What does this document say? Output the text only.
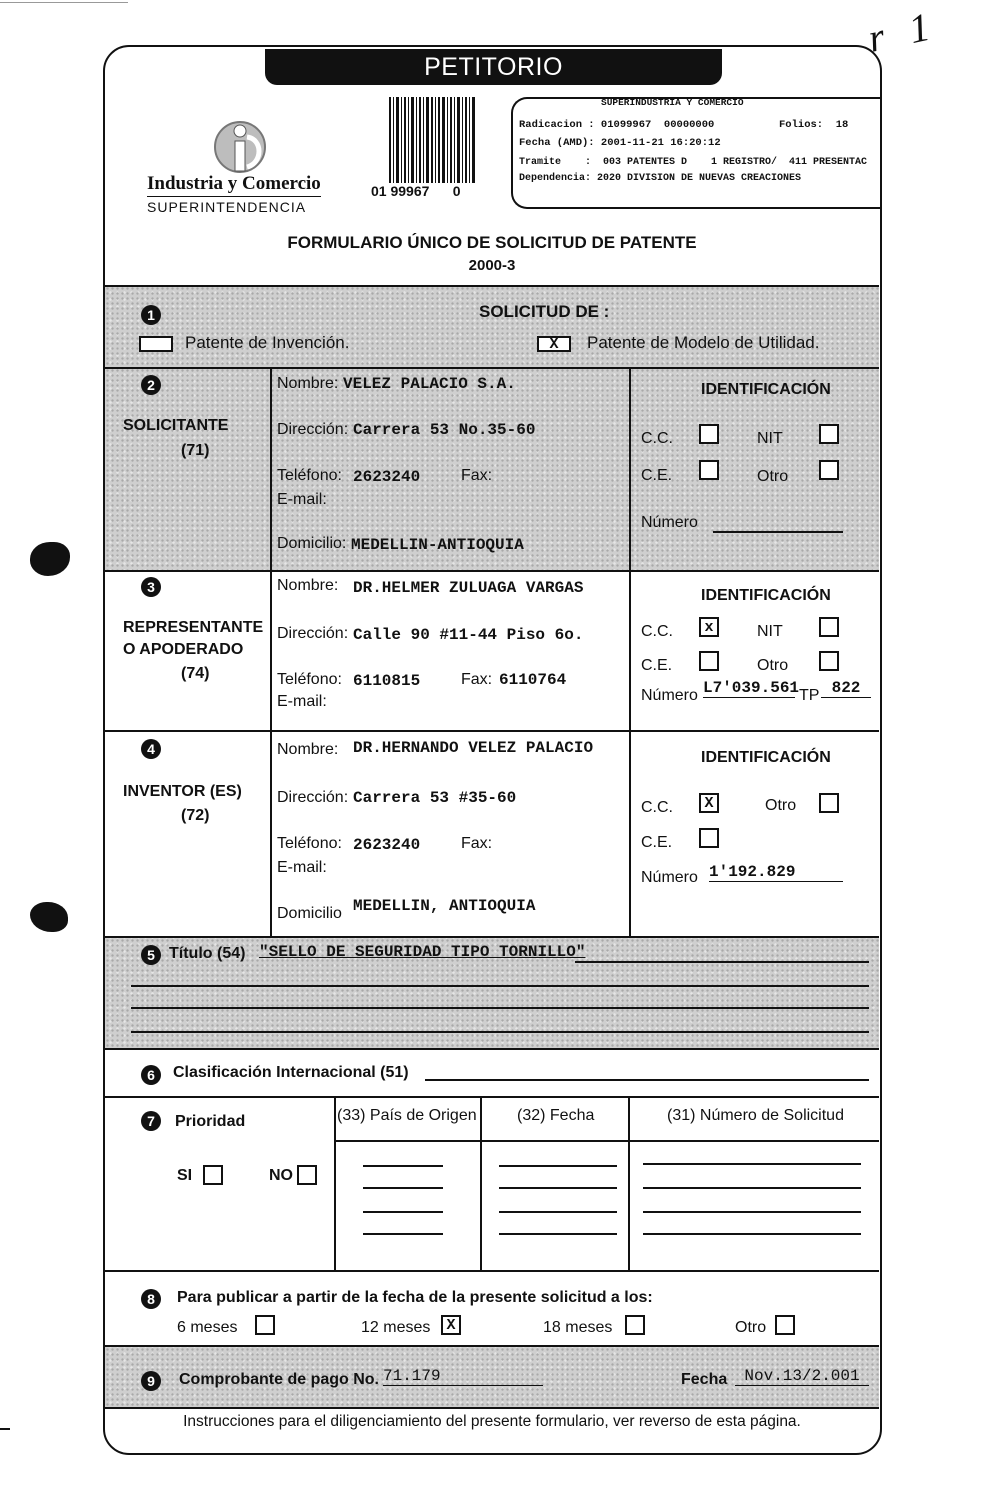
r 1
PETITORIO
Industria y Comercio
SUPERINTENDENCIA
01 99967      0
SUPERINDUSTRIA Y COMERCIO
Radicacion : 01099967  00000000	Folios:  18
Fecha (AMD): 2001-11-21 16:20:12
Tramite    :  003 PATENTES D    1 REGISTRO/  411 PRESENTAC
Dependencia: 2020 DIVISION DE NUEVAS CREACIONES
FORMULARIO ÚNICO DE SOLICITUD DE PATENTE
2000-3
1	SOLICITUD DE :
Patente de Invención.	X	Patente de Modelo de Utilidad.
2
SOLICITANTE
(71)
Nombre: VELEZ PALACIO S.A.
Dirección: Carrera 53 No.35-60
Teléfono: 2623240	Fax:
E-mail:
Domicilio: MEDELLIN-ANTIOQUIA
IDENTIFICACIÓN
C.C.	NIT
C.E.	Otro
Número
3
REPRESENTANTE
O APODERADO
(74)
Nombre: DR.HELMER ZULUAGA VARGAS
Dirección: Calle 90 #11-44 Piso 6o.
Teléfono: 6110815	Fax: 6110764
E-mail:
IDENTIFICACIÓN
C.C.	x	NIT
C.E.	Otro
Número L7'039.561 TP 822
4
INVENTOR (ES)
(72)
Nombre: DR.HERNANDO VELEZ PALACIO
Dirección: Carrera 53 #35-60
Teléfono: 2623240	Fax:
E-mail:
Domicilio MEDELLIN, ANTIOQUIA
IDENTIFICACIÓN
C.C.	X	Otro
C.E.
Número 1'192.829
5 Título (54) "SELLO DE SEGURIDAD TIPO TORNILLO"
6	Clasificación Internacional (51)
7	Prioridad
SI	NO
(33) País de Origen	(32) Fecha	(31) Número de Solicitud
8	Para publicar a partir de la fecha de la presente solicitud a los:
6 meses	12 meses	X	18 meses	Otro
9	Comprobante de pago No. 71.179	Fecha	Nov.13/2.001
Instrucciones para el diligenciamiento del presente formulario, ver reverso de esta página.
